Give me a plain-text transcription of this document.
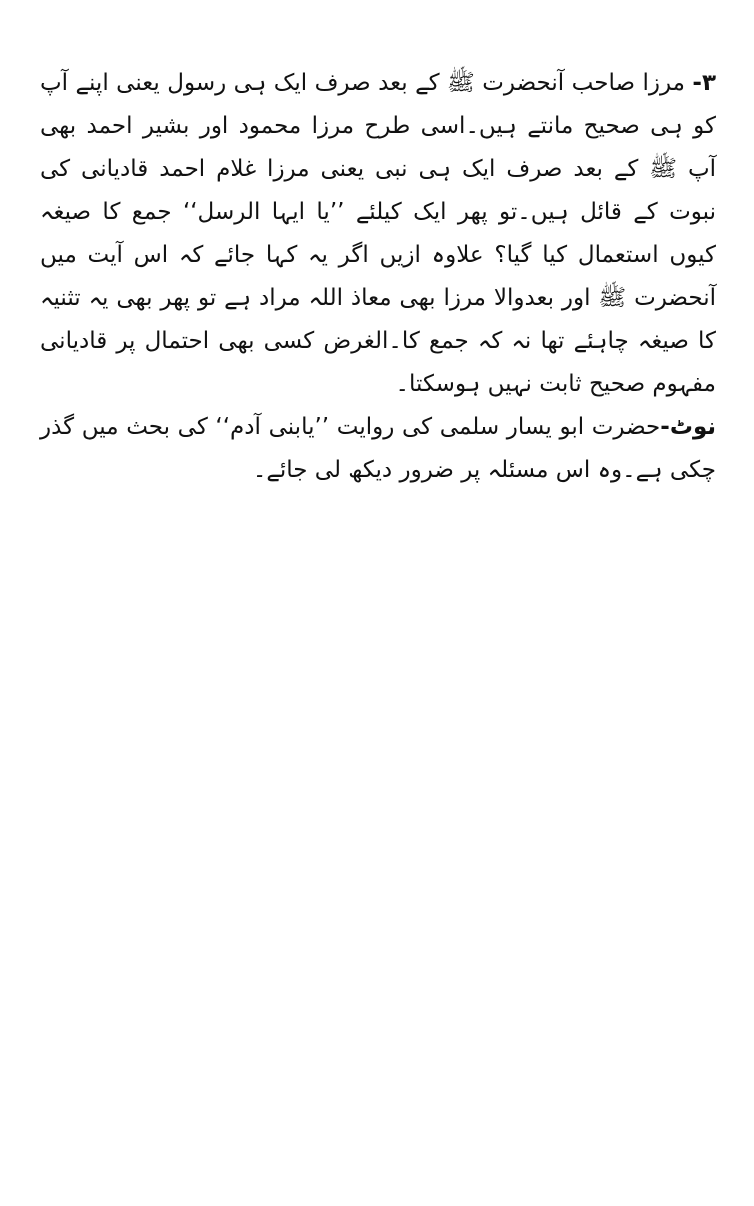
۳- مرزا صاحب آنحضرت ﷺ کے بعد صرف ایک ہی رسول یعنی اپنے آپ کو ہی صحیح مانتے ہیں۔اسی طرح مرزا محمود اور بشیر احمد بھی آپ ﷺ کے بعد صرف ایک ہی نبی یعنی مرزا غلام احمد قادیانی کی نبوت کے قائل ہیں۔تو پھر ایک کیلئے ’’یا ایہا الرسل‘‘ جمع کا صیغہ کیوں استعمال کیا گیا؟ علاوہ ازیں اگر یہ کہا جائے کہ اس آیت میں آنحضرت ﷺ اور بعدوالا مرزا بھی معاذ اللہ مراد ہے تو پھر بھی یہ تثنیہ کا صیغہ چاہئے تھا نہ کہ جمع کا۔الغرض کسی بھی احتمال پر قادیانی مفہوم صحیح ثابت نہیں ہوسکتا۔

نوٹ-حضرت ابو یسار سلمی کی روایت ’’یابنی آدم‘‘ کی بحث میں گذر چکی ہے۔وہ اس مسئلہ پر ضرور دیکھ لی جائے۔
